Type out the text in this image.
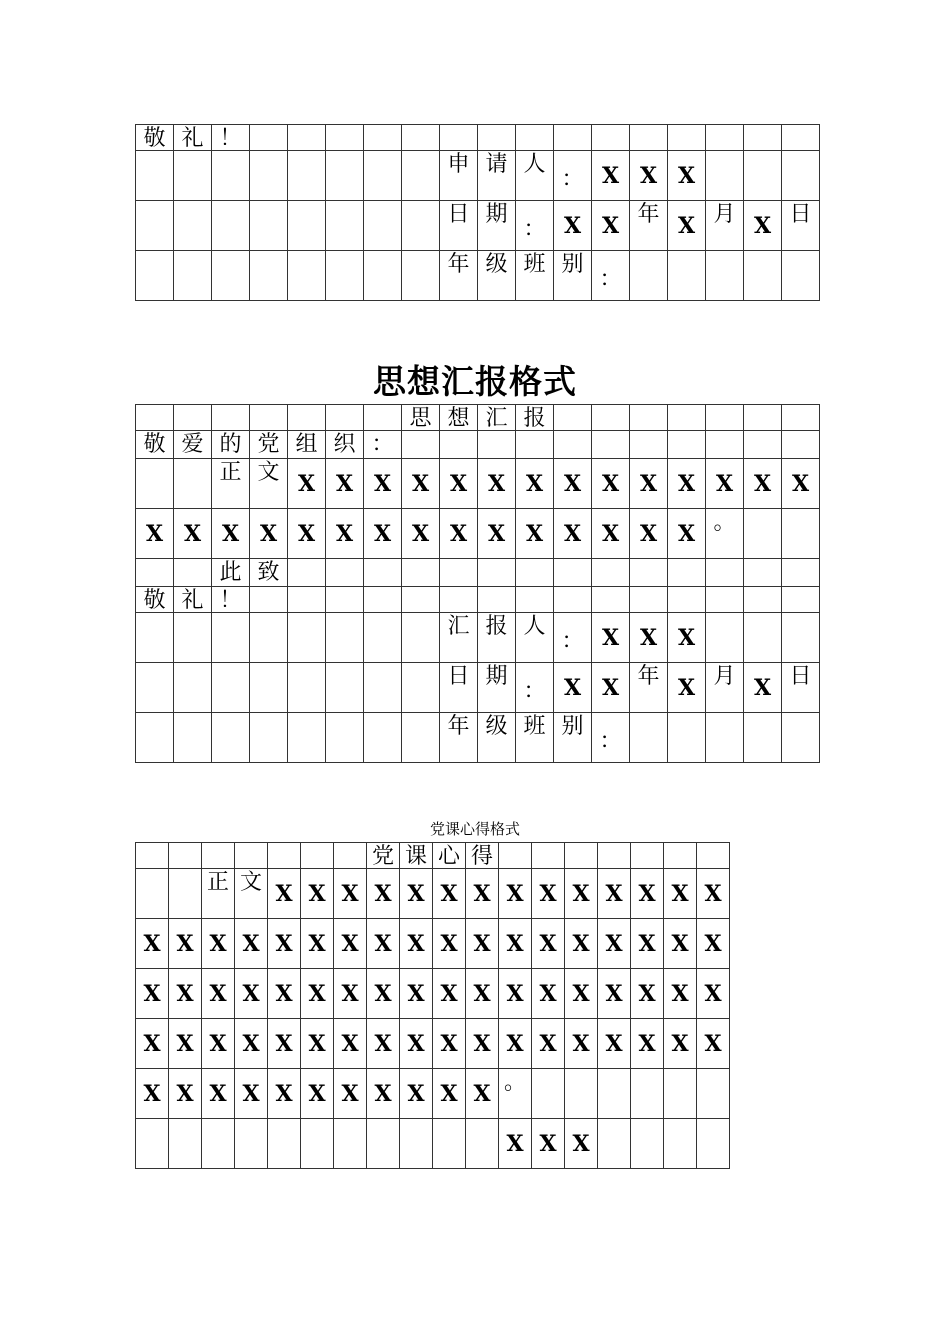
敬	礼	！															
								申	请	人	：	X	X	X			
								日	期	：	X	X	年	X	月	X	日
								年	级	班	别	：					
思想汇报格式
							思	想	汇	报							
敬	爱	的	党	组	织	：											
		正	文	X	X	X	X	X	X	X	X	X	X	X	X	X	X
X	X	X	X	X	X	X	X	X	X	X	X	X	X	X	。		
		此	致														
敬	礼	！															
								汇	报	人	：	X	X	X			
								日	期	：	X	X	年	X	月	X	日
								年	级	班	别	：					
党课心得格式
							党	课	心	得							
		正	文	X	X	X	X	X	X	X	X	X	X	X	X	X	X
X	X	X	X	X	X	X	X	X	X	X	X	X	X	X	X	X	X
X	X	X	X	X	X	X	X	X	X	X	X	X	X	X	X	X	X
X	X	X	X	X	X	X	X	X	X	X	X	X	X	X	X	X	X
X	X	X	X	X	X	X	X	X	X	X	。						
											X	X	X				
